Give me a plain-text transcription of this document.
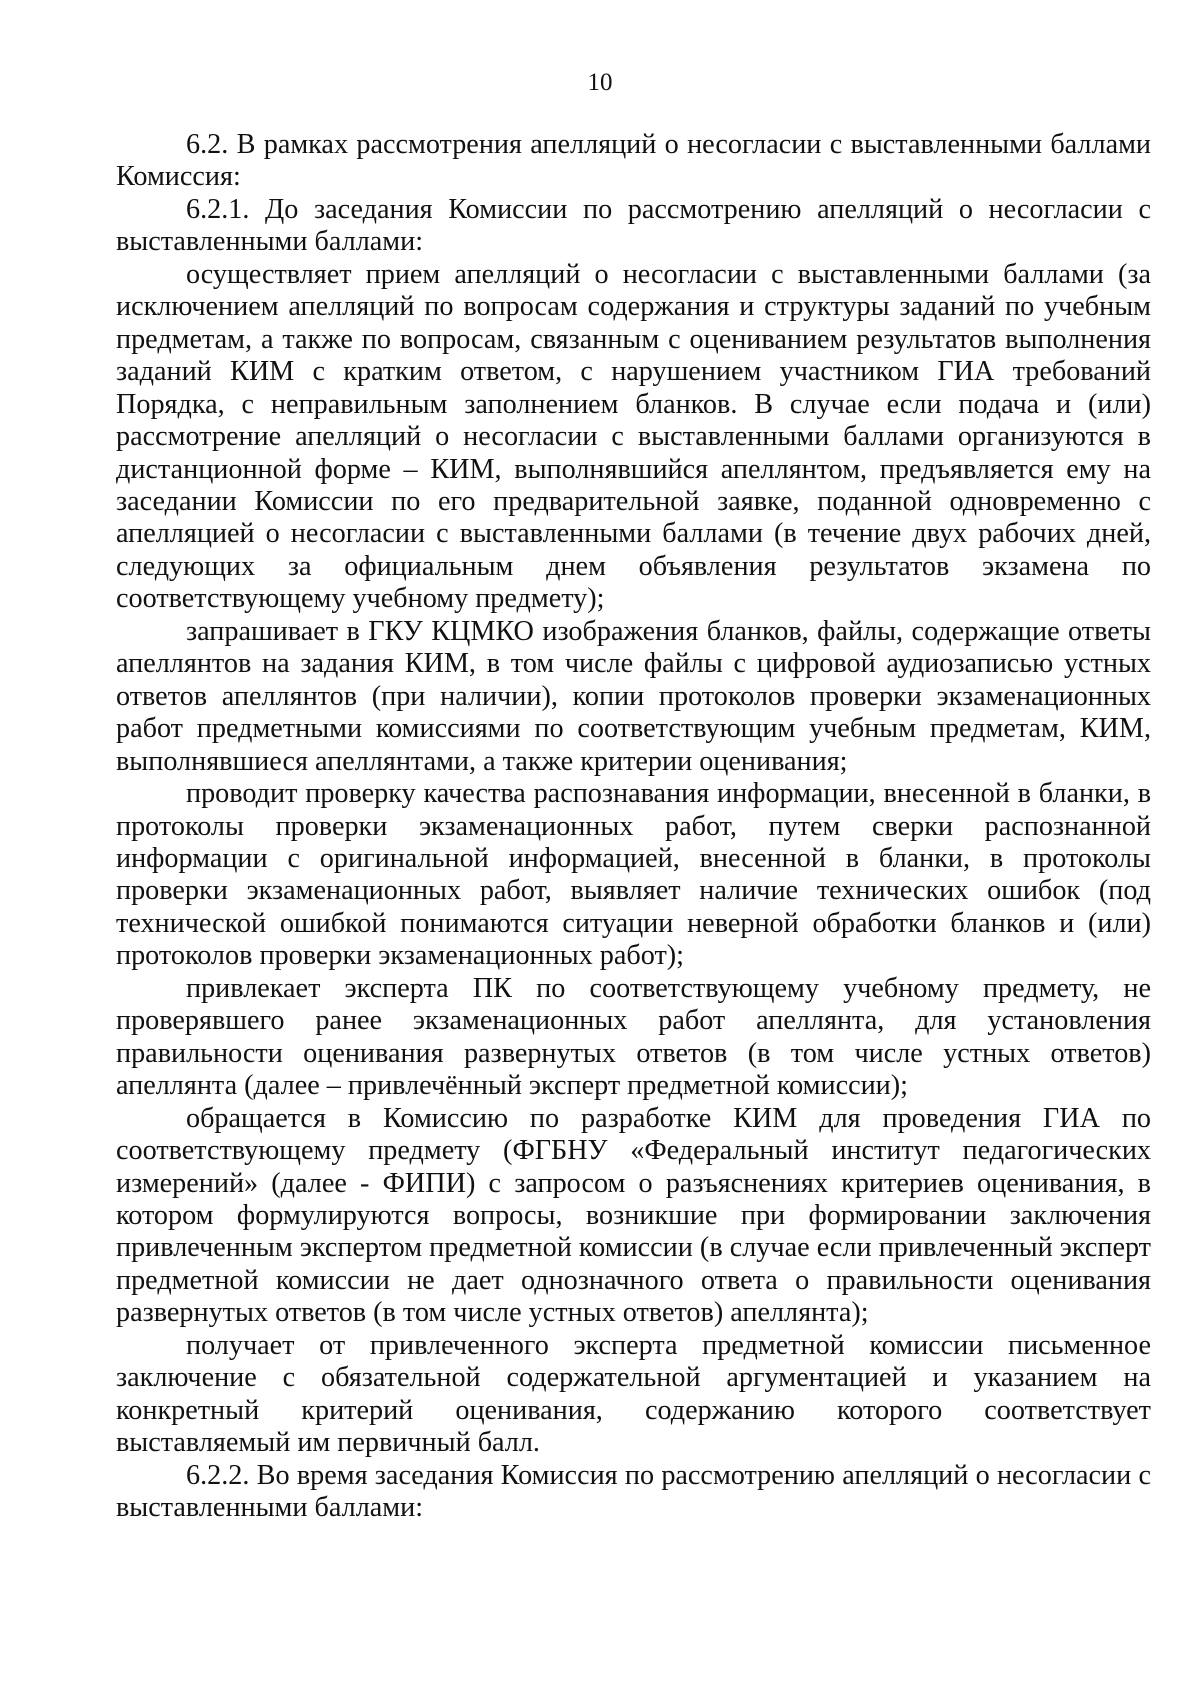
10

6.2. В рамках рассмотрения апелляций о несогласии с выставленными баллами Комиссия:

6.2.1. До заседания Комиссии по рассмотрению апелляций о несогласии с выставленными баллами:

осуществляет прием апелляций о несогласии с выставленными баллами (за исключением апелляций по вопросам содержания и структуры заданий по учебным предметам, а также по вопросам, связанным с оцениванием результатов выполнения заданий КИМ с кратким ответом, с нарушением участником ГИА требований Порядка, с неправильным заполнением бланков. В случае если подача и (или) рассмотрение апелляций о несогласии с выставленными баллами организуются в дистанционной форме – КИМ, выполнявшийся апеллянтом, предъявляется ему на заседании Комиссии по его предварительной заявке, поданной одновременно с апелляцией о несогласии с выставленными баллами (в течение двух рабочих дней, следующих за официальным днем объявления результатов экзамена по соответствующему учебному предмету);

запрашивает в ГКУ КЦМКО изображения бланков, файлы, содержащие ответы апеллянтов на задания КИМ, в том числе файлы с цифровой аудиозаписью устных ответов апеллянтов (при наличии), копии протоколов проверки экзаменационных работ предметными комиссиями по соответствующим учебным предметам, КИМ, выполнявшиеся апеллянтами, а также критерии оценивания;

проводит проверку качества распознавания информации, внесенной в бланки, в протоколы проверки экзаменационных работ, путем сверки распознанной информации с оригинальной информацией, внесенной в бланки, в протоколы проверки экзаменационных работ, выявляет наличие технических ошибок (под технической ошибкой понимаются ситуации неверной обработки бланков и (или) протоколов проверки экзаменационных работ);

привлекает эксперта ПК по соответствующему учебному предмету, не проверявшего ранее экзаменационных работ апеллянта, для установления правильности оценивания развернутых ответов (в том числе устных ответов) апеллянта (далее – привлечённый эксперт предметной комиссии);

обращается в Комиссию по разработке КИМ для проведения ГИА по соответствующему предмету (ФГБНУ «Федеральный институт педагогических измерений» (далее - ФИПИ) с запросом о разъяснениях критериев оценивания, в котором формулируются вопросы, возникшие при формировании заключения привлеченным экспертом предметной комиссии (в случае если привлеченный эксперт предметной комиссии не дает однозначного ответа о правильности оценивания развернутых ответов (в том числе устных ответов) апеллянта);

получает от привлеченного эксперта предметной комиссии письменное заключение с обязательной содержательной аргументацией и указанием на конкретный критерий оценивания, содержанию которого соответствует выставляемый им первичный балл.

6.2.2. Во время заседания Комиссия по рассмотрению апелляций о несогласии с выставленными баллами:
